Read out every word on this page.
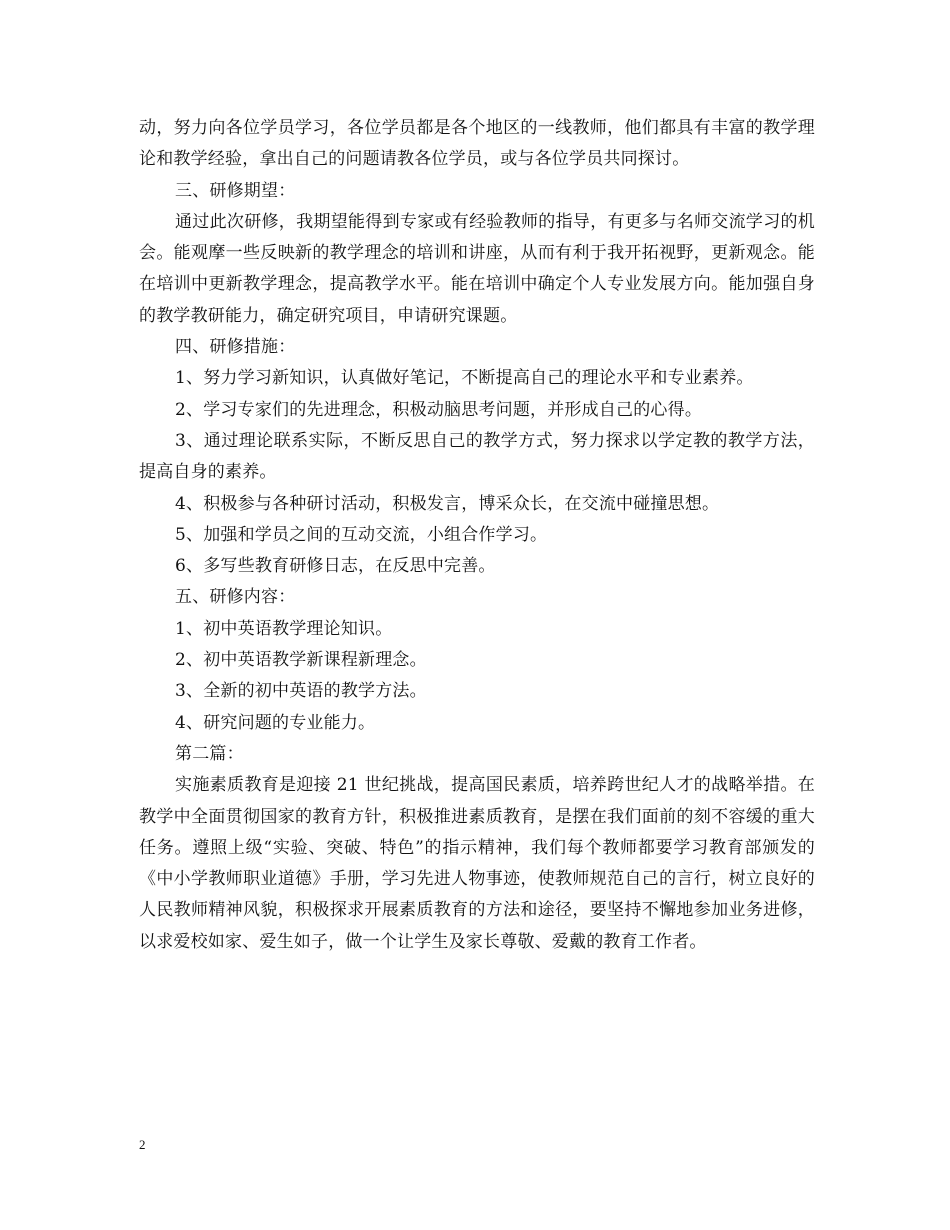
动，努力向各位学员学习，各位学员都是各个地区的一线教师，他们都具有丰富的教学理论和教学经验，拿出自己的问题请教各位学员，或与各位学员共同探讨。

三、研修期望：

通过此次研修，我期望能得到专家或有经验教师的指导，有更多与名师交流学习的机会。能观摩一些反映新的教学理念的培训和讲座，从而有利于我开拓视野，更新观念。能在培训中更新教学理念，提高教学水平。能在培训中确定个人专业发展方向。能加强自身的教学教研能力，确定研究项目，申请研究课题。

四、研修措施：

1、努力学习新知识，认真做好笔记，不断提高自己的理论水平和专业素养。

2、学习专家们的先进理念，积极动脑思考问题，并形成自己的心得。

3、通过理论联系实际，不断反思自己的教学方式，努力探求以学定教的教学方法，提高自身的素养。

4、积极参与各种研讨活动，积极发言，博采众长，在交流中碰撞思想。

5、加强和学员之间的互动交流，小组合作学习。

6、多写些教育研修日志，在反思中完善。

五、研修内容：

1、初中英语教学理论知识。

2、初中英语教学新课程新理念。

3、全新的初中英语的教学方法。

4、研究问题的专业能力。

第二篇：

实施素质教育是迎接 21 世纪挑战，提高国民素质，培养跨世纪人才的战略举措。在教学中全面贯彻国家的教育方针，积极推进素质教育，是摆在我们面前的刻不容缓的重大任务。遵照上级“实验、突破、特色”的指示精神，我们每个教师都要学习教育部颁发的《中小学教师职业道德》手册，学习先进人物事迹，使教师规范自己的言行，树立良好的人民教师精神风貌，积极探求开展素质教育的方法和途径，要坚持不懈地参加业务进修，以求爱校如家、爱生如子，做一个让学生及家长尊敬、爱戴的教育工作者。

2
